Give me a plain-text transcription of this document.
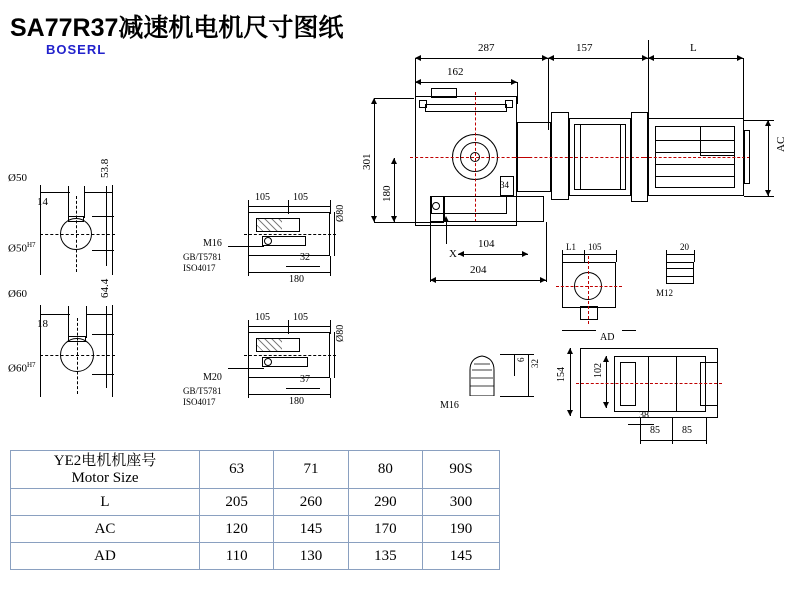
SA77R37减速机电机尺寸图纸
BOSERL
Ø50
$Ø50^{H7}$
14
53.8
Ø60
$Ø60^{H7}$
18
64.4
105 105
M16
GB/T5781
ISO4017
32
180
Ø80
105 105
M20
GB/T5781
ISO4017
37
180
Ø80
287
162
157	L
301
180
34
X
104
204
AC
L1 105
AD
20
M12
154	102
38
85 85
M16
6 32
YE2电机机座号
Motor Size	63	71	80	90S
L	205	260	290	300
AC	120	145	170	190
AD	110	130	135	145
